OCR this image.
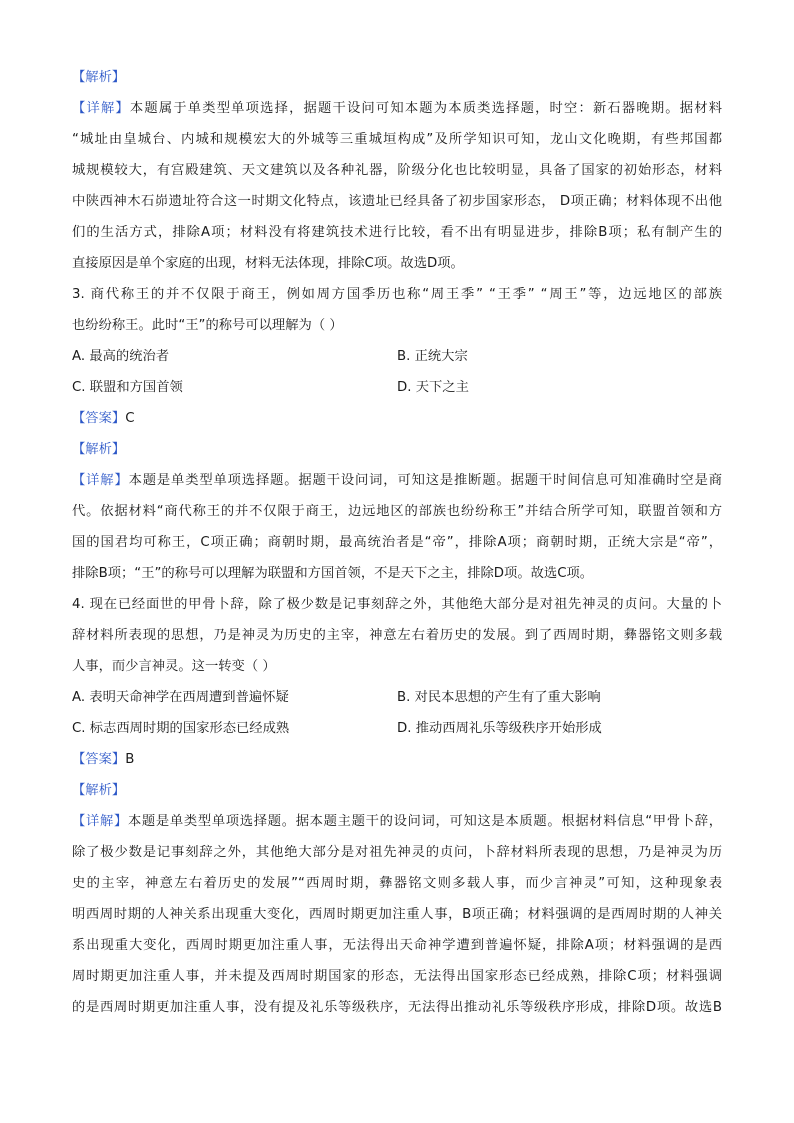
【解析】
【详解】本题属于单类型单项选择，据题干设问可知本题为本质类选择题，时空：新石器晚期。据材料
“城址由皇城台、内城和规模宏大的外城等三重城垣构成”及所学知识可知，龙山文化晚期，有些邦国都
城规模较大，有宫殿建筑、天文建筑以及各种礼器，阶级分化也比较明显，具备了国家的初始形态，材料
中陕西神木石峁遗址符合这一时期文化特点，该遗址已经具备了初步国家形态， D项正确；材料体现不出他
们的生活方式，排除A项；材料没有将建筑技术进行比较，看不出有明显进步，排除B项；私有制产生的
直接原因是单个家庭的出现，材料无法体现，排除C项。故选D项。
3. 商代称王的并不仅限于商王，例如周方国季历也称“周王季” “王季” “周王”等，边远地区的部族
也纷纷称王。此时“王”的称号可以理解为（ ）
A. 最高的统治者	B. 正统大宗
C. 联盟和方国首领	D. 天下之主
【答案】C
【解析】
【详解】本题是单类型单项选择题。据题干设问词，可知这是推断题。据题干时间信息可知准确时空是商
代。依据材料“商代称王的并不仅限于商王，边远地区的部族也纷纷称王”并结合所学可知，联盟首领和方
国的国君均可称王，C项正确；商朝时期，最高统治者是“帝”，排除A项；商朝时期，正统大宗是“帝”，
排除B项；“王”的称号可以理解为联盟和方国首领，不是天下之主，排除D项。故选C项。
4. 现在已经面世的甲骨卜辞，除了极少数是记事刻辞之外，其他绝大部分是对祖先神灵的贞问。大量的卜
辞材料所表现的思想，乃是神灵为历史的主宰，神意左右着历史的发展。到了西周时期，彝器铭文则多载
人事，而少言神灵。这一转变（ ）
A. 表明天命神学在西周遭到普遍怀疑	B. 对民本思想的产生有了重大影响
C. 标志西周时期的国家形态已经成熟	D. 推动西周礼乐等级秩序开始形成
【答案】B
【解析】
【详解】本题是单类型单项选择题。据本题主题干的设问词，可知这是本质题。根据材料信息“甲骨卜辞，
除了极少数是记事刻辞之外，其他绝大部分是对祖先神灵的贞问，卜辞材料所表现的思想，乃是神灵为历
史的主宰，神意左右着历史的发展”“西周时期，彝器铭文则多载人事，而少言神灵”可知，这种现象表
明西周时期的人神关系出现重大变化，西周时期更加注重人事，B项正确；材料强调的是西周时期的人神关
系出现重大变化，西周时期更加注重人事，无法得出天命神学遭到普遍怀疑，排除A项；材料强调的是西
周时期更加注重人事，并未提及西周时期国家的形态，无法得出国家形态已经成熟，排除C项；材料强调
的是西周时期更加注重人事，没有提及礼乐等级秩序，无法得出推动礼乐等级秩序形成，排除D项。故选B
